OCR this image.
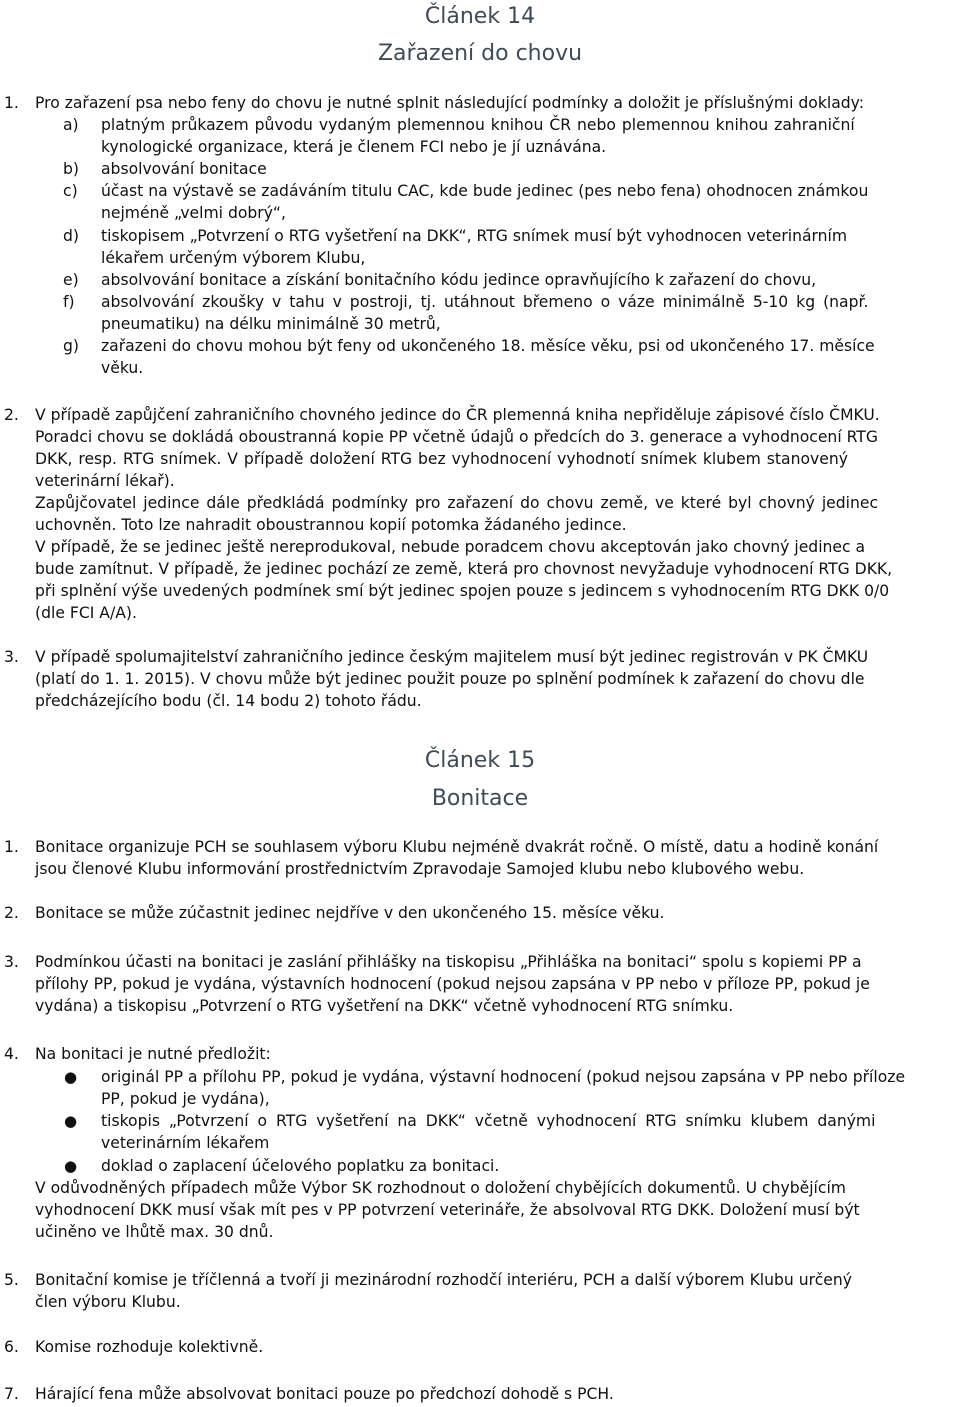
Článek 14
Zařazení do chovu
1. Pro zařazení psa nebo feny do chovu je nutné splnit následující podmínky a doložit je příslušnými doklady:
a) platným průkazem původu vydaným plemennou knihou ČR nebo plemennou knihou zahraniční
kynologické organizace, která je členem FCI nebo je jí uznávána.
b) absolvování bonitace
c) účast na výstavě se zadáváním titulu CAC, kde bude jedinec (pes nebo fena) ohodnocen známkou
nejméně „velmi dobrý“,
d) tiskopisem „Potvrzení o RTG vyšetření na DKK“, RTG snímek musí být vyhodnocen veterinárním
lékařem určeným výborem Klubu,
e) absolvování bonitace a získání bonitačního kódu jedince opravňujícího k zařazení do chovu,
f) absolvování zkoušky v tahu v postroji, tj. utáhnout břemeno o váze minimálně 5-10 kg (např.
pneumatiku) na délku minimálně 30 metrů,
g) zařazeni do chovu mohou být feny od ukončeného 18. měsíce věku, psi od ukončeného 17. měsíce
věku.
2. V případě zapůjčení zahraničního chovného jedince do ČR plemenná kniha nepřiděluje zápisové číslo ČMKU.
Poradci chovu se dokládá oboustranná kopie PP včetně údajů o předcích do 3. generace a vyhodnocení RTG
DKK, resp. RTG snímek. V případě doložení RTG bez vyhodnocení vyhodnotí snímek klubem stanovený
veterinární lékař).
Zapůjčovatel jedince dále předkládá podmínky pro zařazení do chovu země, ve které byl chovný jedinec
uchovněn. Toto lze nahradit oboustrannou kopií potomka žádaného jedince.
V případě, že se jedinec ještě nereprodukoval, nebude poradcem chovu akceptován jako chovný jedinec a
bude zamítnut. V případě, že jedinec pochází ze země, která pro chovnost nevyžaduje vyhodnocení RTG DKK,
při splnění výše uvedených podmínek smí být jedinec spojen pouze s jedincem s vyhodnocením RTG DKK 0/0
(dle FCI A/A).
3. V případě spolumajitelství zahraničního jedince českým majitelem musí být jedinec registrován v PK ČMKU
(platí do 1. 1. 2015). V chovu může být jedinec použit pouze po splnění podmínek k zařazení do chovu dle
předcházejícího bodu (čl. 14 bodu 2) tohoto řádu.
Článek 15
Bonitace
1. Bonitace organizuje PCH se souhlasem výboru Klubu nejméně dvakrát ročně. O místě, datu a hodině konání
jsou členové Klubu informování prostřednictvím Zpravodaje Samojed klubu nebo klubového webu.
2. Bonitace se může zúčastnit jedinec nejdříve v den ukončeného 15. měsíce věku.
3. Podmínkou účasti na bonitaci je zaslání přihlášky na tiskopisu „Přihláška na bonitaci“ spolu s kopiemi PP a
přílohy PP, pokud je vydána, výstavních hodnocení (pokud nejsou zapsána v PP nebo v příloze PP, pokud je
vydána) a tiskopisu „Potvrzení o RTG vyšetření na DKK“ včetně vyhodnocení RTG snímku.
4. Na bonitaci je nutné předložit:
● originál PP a přílohu PP, pokud je vydána, výstavní hodnocení (pokud nejsou zapsána v PP nebo příloze
PP, pokud je vydána),
● tiskopis „Potvrzení o RTG vyšetření na DKK“ včetně vyhodnocení RTG snímku klubem danými
veterinárním lékařem
● doklad o zaplacení účelového poplatku za bonitaci.
V odůvodněných případech může Výbor SK rozhodnout o doložení chybějících dokumentů. U chybějícím
vyhodnocení DKK musí však mít pes v PP potvrzení veterináře, že absolvoval RTG DKK. Doložení musí být
učiněno ve lhůtě max. 30 dnů.
5. Bonitační komise je tříčlenná a tvoří ji mezinárodní rozhodčí interiéru, PCH a další výborem Klubu určený
člen výboru Klubu.
6. Komise rozhoduje kolektivně.
7. Hárající fena může absolvovat bonitaci pouze po předchozí dohodě s PCH.
